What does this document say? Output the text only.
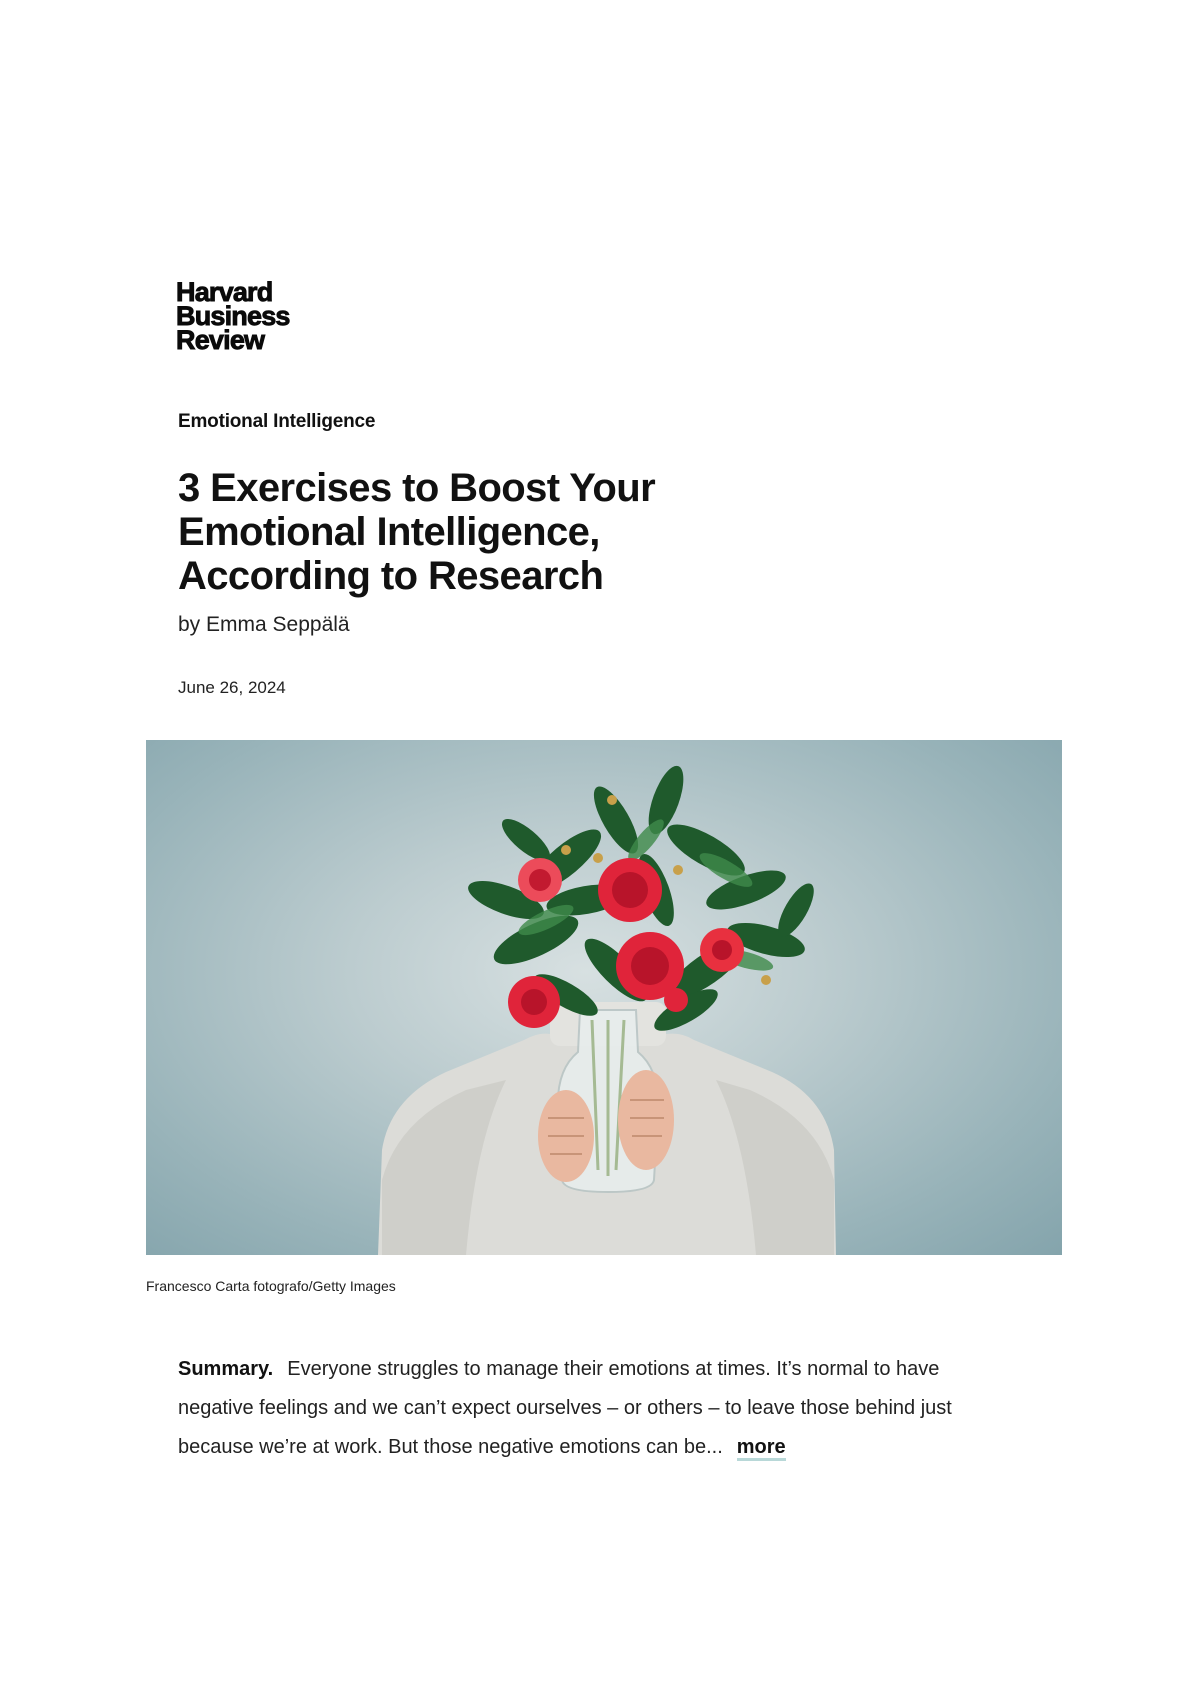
Harvard
Business
Review
Emotional Intelligence
3 Exercises to Boost Your
Emotional Intelligence,
According to Research
by Emma Seppälä
June 26, 2024
Francesco Carta fotografo/Getty Images

Summary. Everyone struggles to manage their emotions at times. It’s normal to have negative feelings and we can’t expect ourselves – or others – to leave those behind just because we’re at work. But those negative emotions can be... more
